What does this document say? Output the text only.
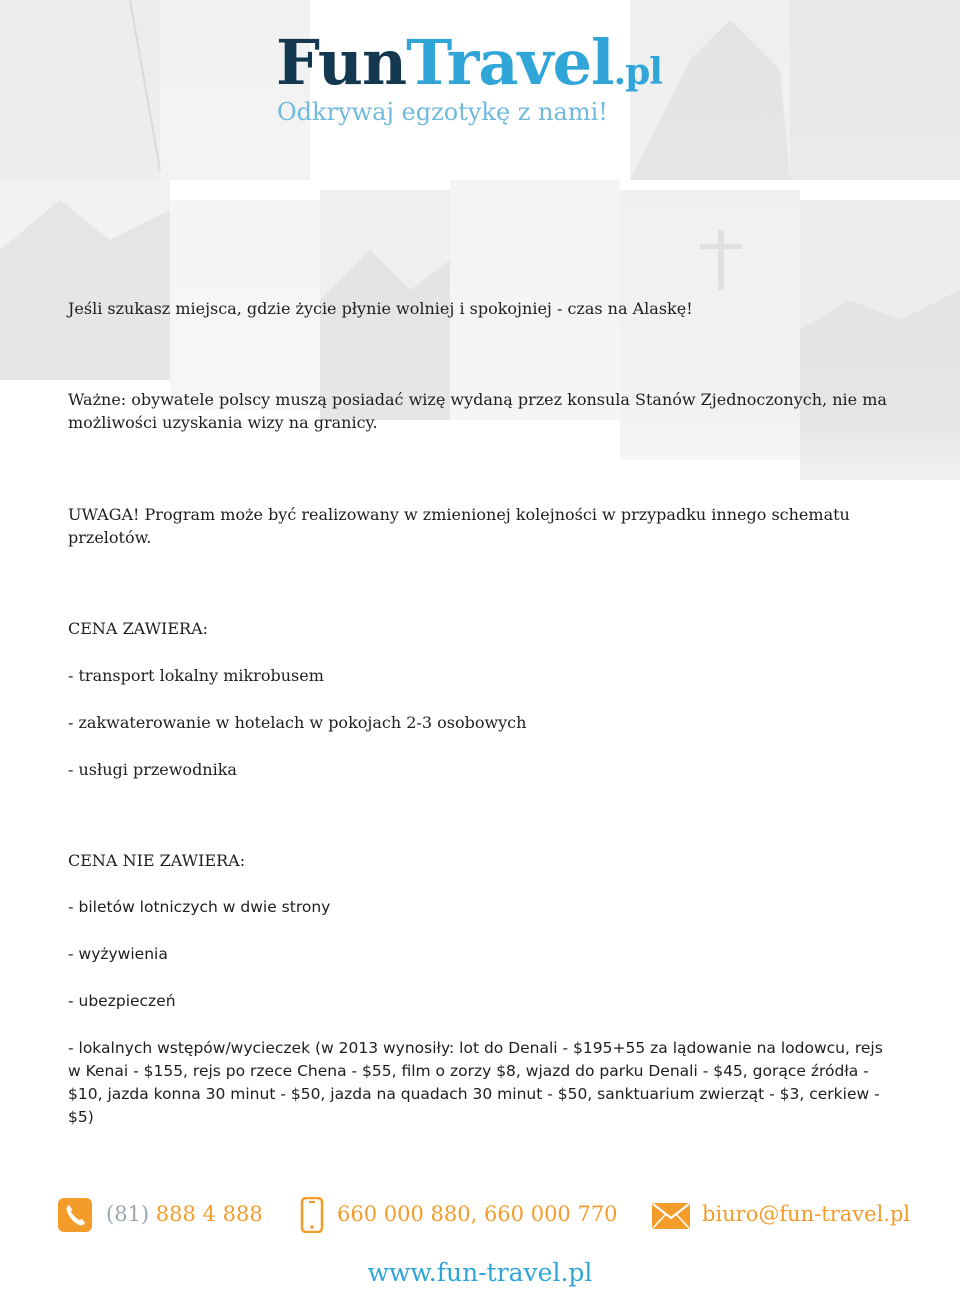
FunTravel.pl
Odkrywaj egzotykę z nami!

Jeśli szukasz miejsca, gdzie życie płynie wolniej i spokojniej - czas na Alaskę!

Ważne: obywatele polscy muszą posiadać wizę wydaną przez konsula Stanów Zjednoczonych, nie ma możliwości uzyskania wizy na granicy.

UWAGA! Program może być realizowany w zmienionej kolejności w przypadku innego schematu przelotów.

CENA ZAWIERA:

- transport lokalny mikrobusem

- zakwaterowanie w hotelach w pokojach 2-3 osobowych

- usługi przewodnika

CENA NIE ZAWIERA:

- biletów lotniczych w dwie strony

- wyżywienia

- ubezpieczeń

- lokalnych wstępów/wycieczek (w 2013 wynosiły: lot do Denali - $195+55 za lądowanie na lodowcu, rejs w Kenai - $155, rejs po rzece Chena - $55, film o zorzy $8, wjazd do parku Denali - $45, gorące źródła - $10, jazda konna 30 minut - $50, jazda na quadach 30 minut - $50, sanktuarium zwierząt - $3, cerkiew - $5)

(81) 888 4 888	660 000 880, 660 000 770	biuro@fun-travel.pl
www.fun-travel.pl
